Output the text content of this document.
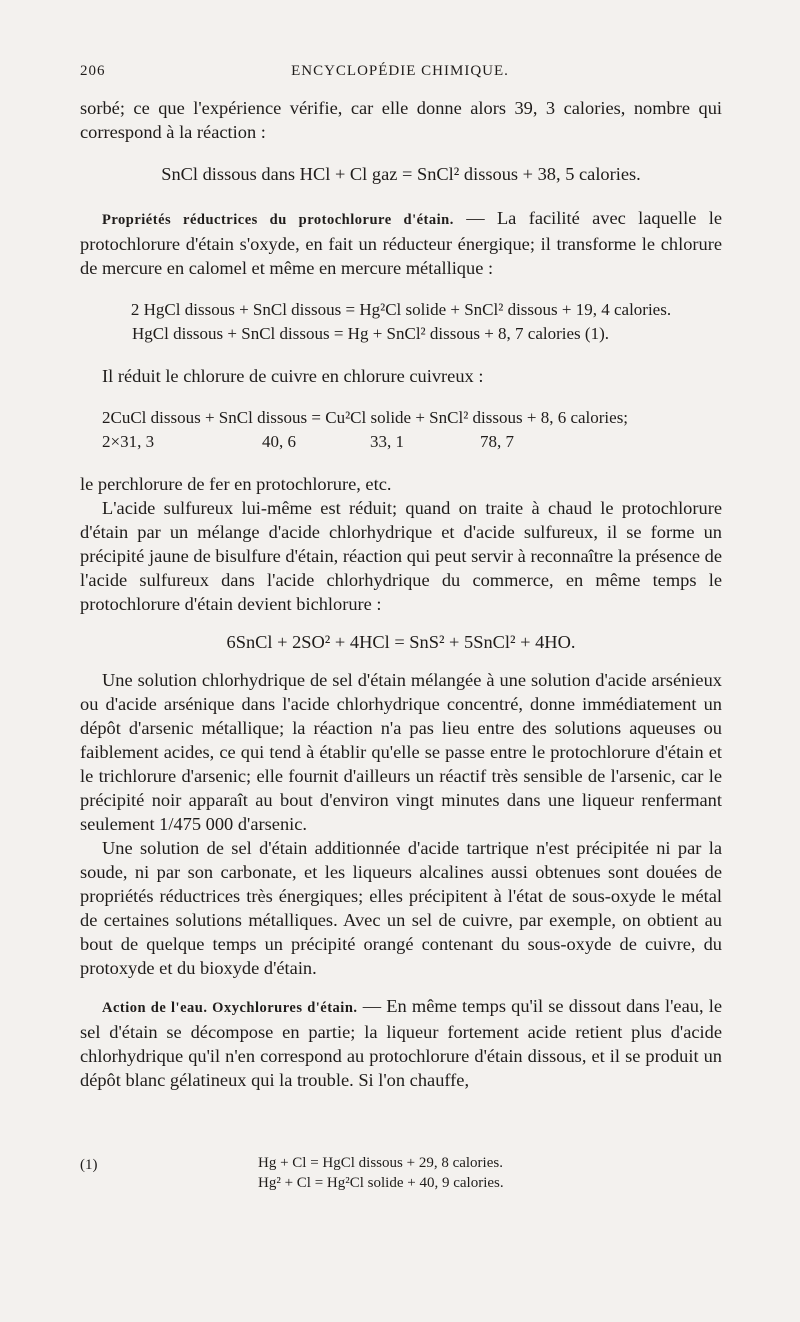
206	ENCYCLOPÉDIE CHIMIQUE.

sorbé; ce que l'expérience vérifie, car elle donne alors 39, 3 calories, nombre qui correspond à la réaction :

SnCl dissous dans HCl + Cl gaz = SnCl² dissous + 38, 5 calories.

Propriétés réductrices du protochlorure d'étain. — La facilité avec laquelle le protochlorure d'étain s'oxyde, en fait un réducteur énergique; il transforme le chlorure de mercure en calomel et même en mercure métallique :

2 HgCl dissous + SnCl dissous = Hg²Cl solide + SnCl² dissous + 19, 4 calories.

HgCl dissous + SnCl dissous = Hg + SnCl² dissous + 8, 7 calories (1).

Il réduit le chlorure de cuivre en chlorure cuivreux :

2CuCl dissous + SnCl dissous = Cu²Cl solide + SnCl² dissous + 8, 6 calories;

2×31, 3	40, 6	33, 1	78, 7

le perchlorure de fer en protochlorure, etc.

L'acide sulfureux lui-même est réduit; quand on traite à chaud le protochlorure d'étain par un mélange d'acide chlorhydrique et d'acide sulfureux, il se forme un précipité jaune de bisulfure d'étain, réaction qui peut servir à reconnaître la présence de l'acide sulfureux dans l'acide chlorhydrique du commerce, en même temps le protochlorure d'étain devient bichlorure :

6SnCl + 2SO² + 4HCl = SnS² + 5SnCl² + 4HO.

Une solution chlorhydrique de sel d'étain mélangée à une solution d'acide arsénieux ou d'acide arsénique dans l'acide chlorhydrique concentré, donne immédiatement un dépôt d'arsenic métallique; la réaction n'a pas lieu entre des solutions aqueuses ou faiblement acides, ce qui tend à établir qu'elle se passe entre le protochlorure d'étain et le trichlorure d'arsenic; elle fournit d'ailleurs un réactif très sensible de l'arsenic, car le précipité noir apparaît au bout d'environ vingt minutes dans une liqueur renfermant seulement 1/475 000 d'arsenic.

Une solution de sel d'étain additionnée d'acide tartrique n'est précipitée ni par la soude, ni par son carbonate, et les liqueurs alcalines aussi obtenues sont douées de propriétés réductrices très énergiques; elles précipitent à l'état de sous-oxyde le métal de certaines solutions métalliques. Avec un sel de cuivre, par exemple, on obtient au bout de quelque temps un précipité orangé contenant du sous-oxyde de cuivre, du protoxyde et du bioxyde d'étain.

Action de l'eau. Oxychlorures d'étain. — En même temps qu'il se dissout dans l'eau, le sel d'étain se décompose en partie; la liqueur fortement acide retient plus d'acide chlorhydrique qu'il n'en correspond au protochlorure d'étain dissous, et il se produit un dépôt blanc gélatineux qui la trouble. Si l'on chauffe,

(1)	Hg + Cl = HgCl dissous + 29, 8 calories.
Hg² + Cl = Hg²Cl solide + 40, 9 calories.
